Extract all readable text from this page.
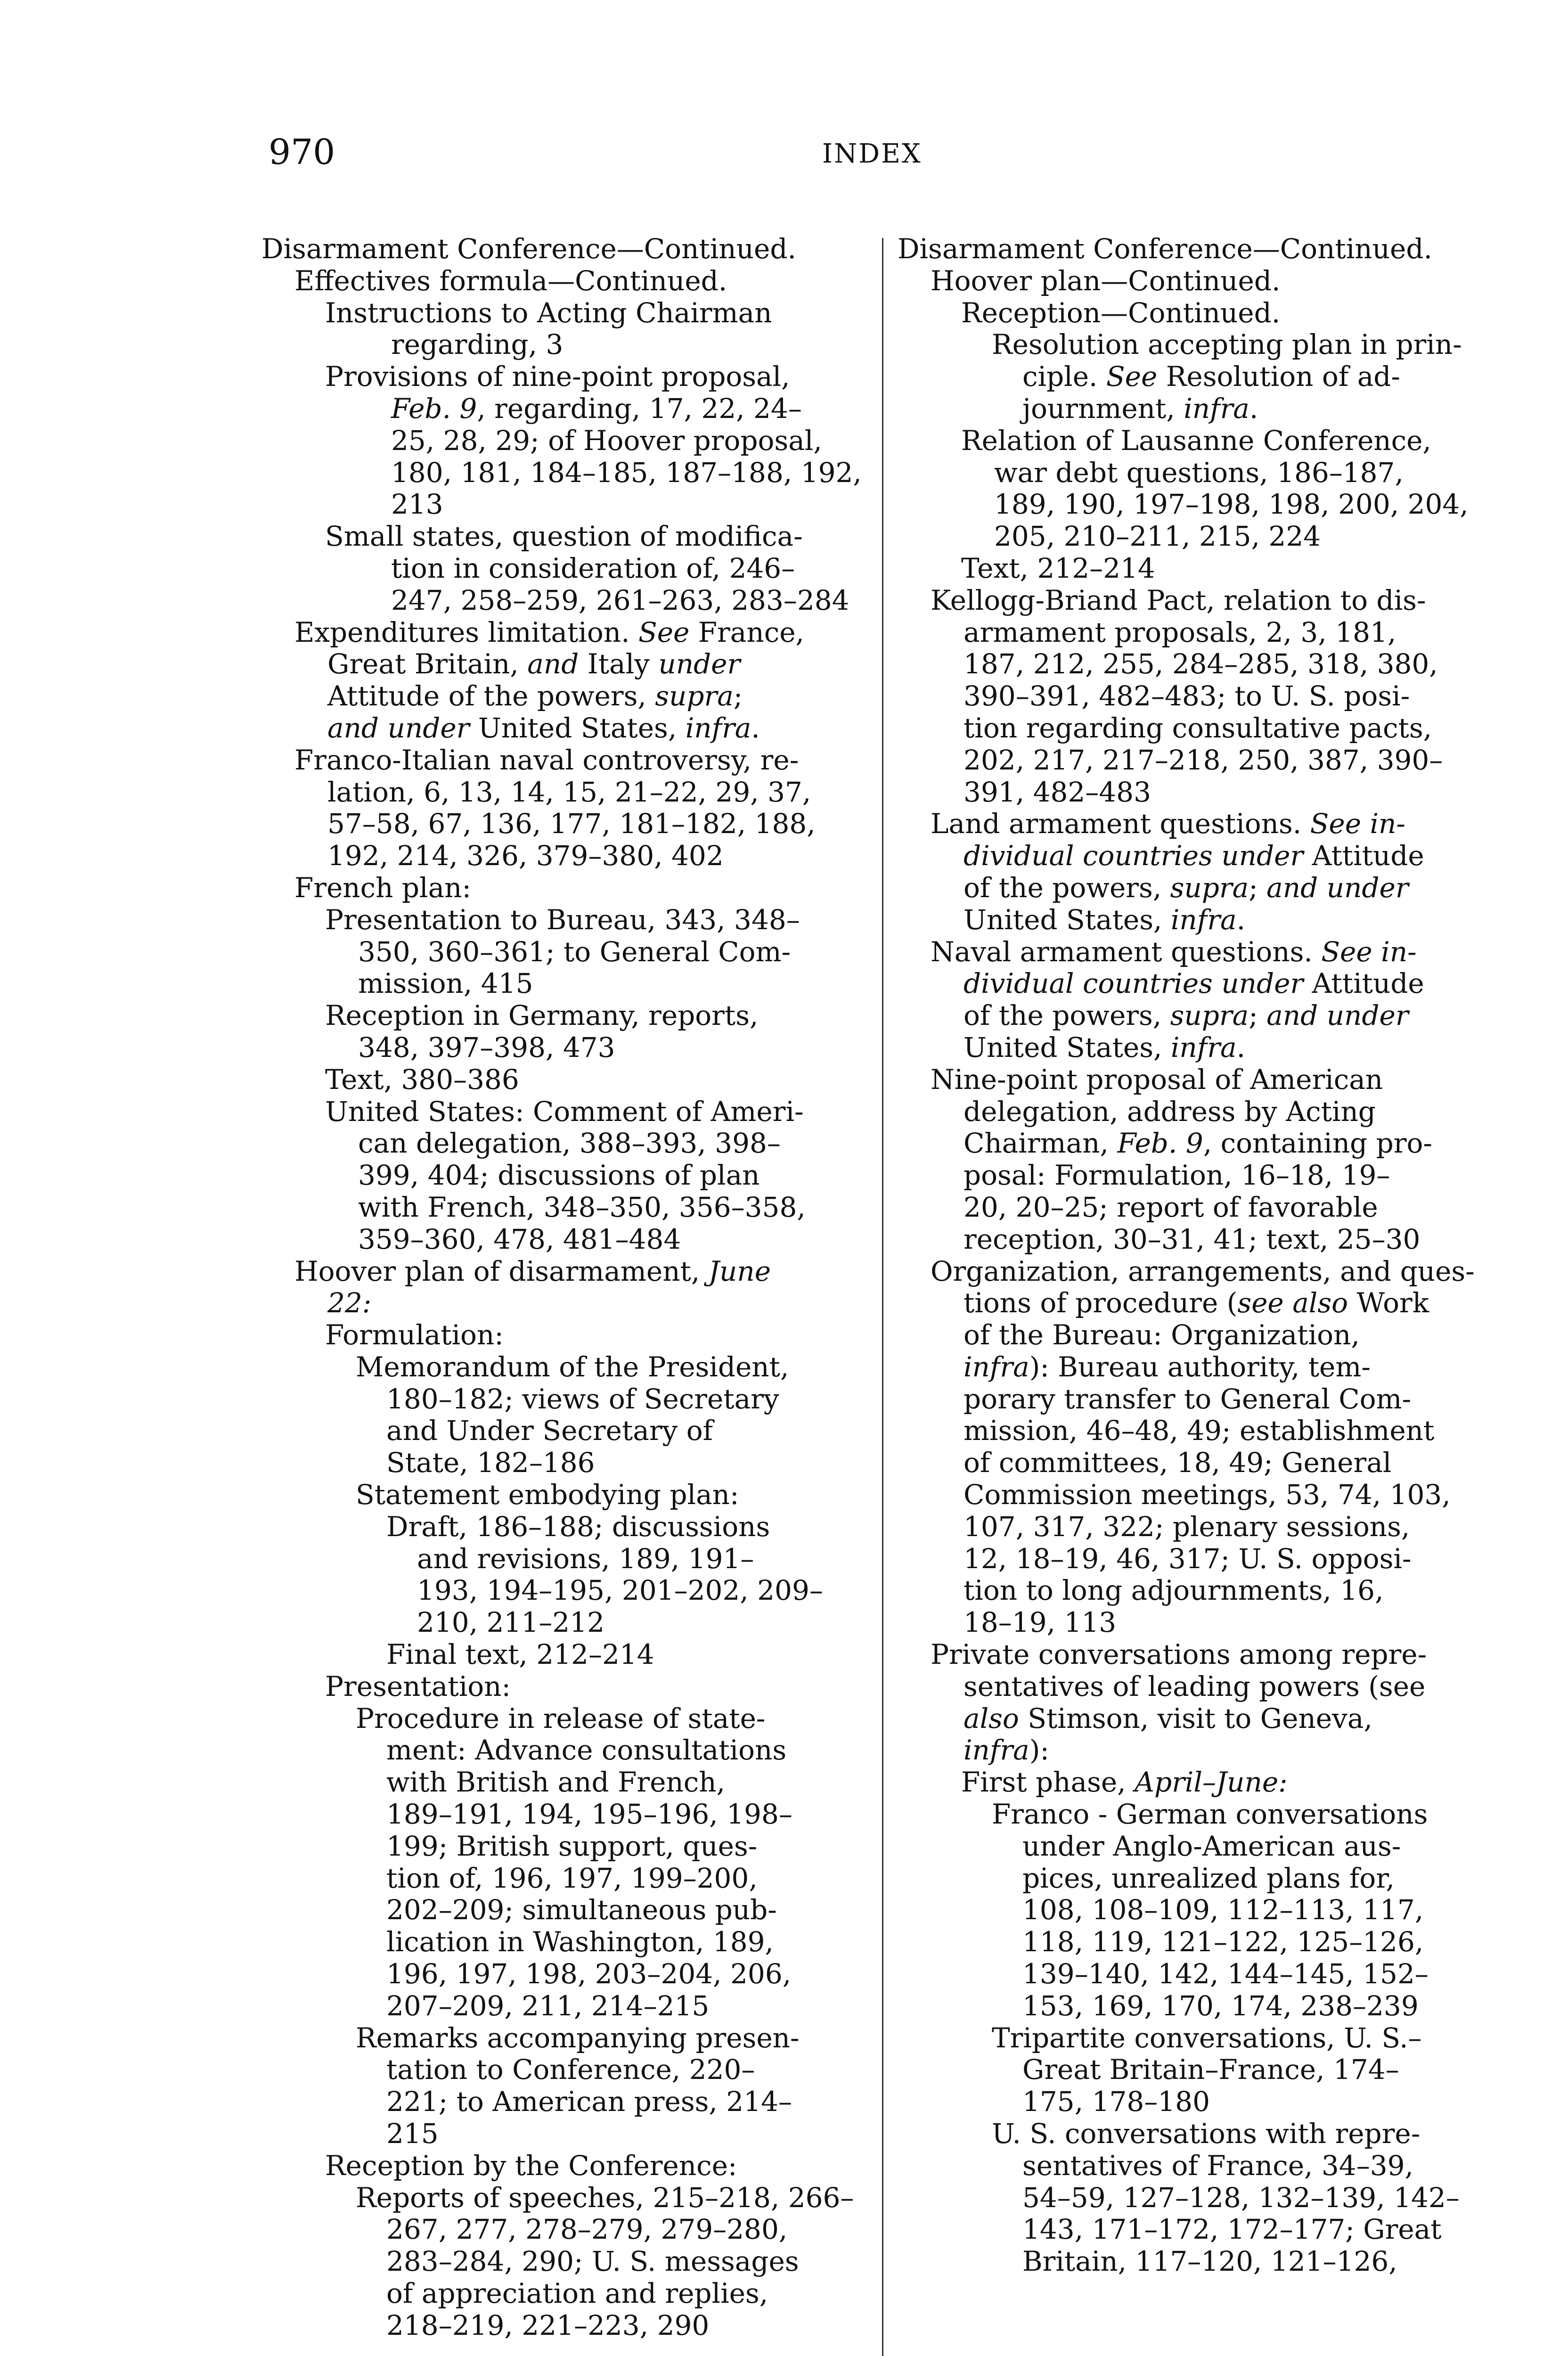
970	INDEX
Disarmament Conference—Continued.
Effectives formula—Continued.
Instructions to Acting Chairman
regarding, 3
Provisions of nine-point proposal,
Feb. 9, regarding, 17, 22, 24–
25, 28, 29; of Hoover proposal,
180, 181, 184–185, 187–188, 192,
213
Small states, question of modifica-
tion in consideration of, 246–
247, 258–259, 261–263, 283–284
Expenditures limitation. See France,
Great Britain, and Italy under
Attitude of the powers, supra;
and under United States, infra.
Franco-Italian naval controversy, re-
lation, 6, 13, 14, 15, 21–22, 29, 37,
57–58, 67, 136, 177, 181–182, 188,
192, 214, 326, 379–380, 402
French plan:
Presentation to Bureau, 343, 348–
350, 360–361; to General Com-
mission, 415
Reception in Germany, reports,
348, 397–398, 473
Text, 380–386
United States: Comment of Ameri-
can delegation, 388–393, 398–
399, 404; discussions of plan
with French, 348–350, 356–358,
359–360, 478, 481–484
Hoover plan of disarmament, June
22:
Formulation:
Memorandum of the President,
180–182; views of Secretary
and Under Secretary of
State, 182–186
Statement embodying plan:
Draft, 186–188; discussions
and revisions, 189, 191–
193, 194–195, 201–202, 209–
210, 211–212
Final text, 212–214
Presentation:
Procedure in release of state-
ment: Advance consultations
with British and French,
189–191, 194, 195–196, 198–
199; British support, ques-
tion of, 196, 197, 199–200,
202–209; simultaneous pub-
lication in Washington, 189,
196, 197, 198, 203–204, 206,
207–209, 211, 214–215
Remarks accompanying presen-
tation to Conference, 220–
221; to American press, 214–
215
Reception by the Conference:
Reports of speeches, 215–218, 266–
267, 277, 278–279, 279–280,
283–284, 290; U. S. messages
of appreciation and replies,
218–219, 221–223, 290
Disarmament Conference—Continued.
Hoover plan—Continued.
Reception—Continued.
Resolution accepting plan in prin-
ciple. See Resolution of ad-
journment, infra.
Relation of Lausanne Conference,
war debt questions, 186–187,
189, 190, 197–198, 198, 200, 204,
205, 210–211, 215, 224
Text, 212–214
Kellogg-Briand Pact, relation to dis-
armament proposals, 2, 3, 181,
187, 212, 255, 284–285, 318, 380,
390–391, 482–483; to U. S. posi-
tion regarding consultative pacts,
202, 217, 217–218, 250, 387, 390–
391, 482–483
Land armament questions. See in-
dividual countries under Attitude
of the powers, supra; and under
United States, infra.
Naval armament questions. See in-
dividual countries under Attitude
of the powers, supra; and under
United States, infra.
Nine-point proposal of American
delegation, address by Acting
Chairman, Feb. 9, containing pro-
posal: Formulation, 16–18, 19–
20, 20–25; report of favorable
reception, 30–31, 41; text, 25–30
Organization, arrangements, and ques-
tions of procedure (see also Work
of the Bureau: Organization,
infra): Bureau authority, tem-
porary transfer to General Com-
mission, 46–48, 49; establishment
of committees, 18, 49; General
Commission meetings, 53, 74, 103,
107, 317, 322; plenary sessions,
12, 18–19, 46, 317; U. S. opposi-
tion to long adjournments, 16,
18–19, 113
Private conversations among repre-
sentatives of leading powers (see
also Stimson, visit to Geneva,
infra):
First phase, April–June:
Franco - German conversations
under Anglo-American aus-
pices, unrealized plans for,
108, 108–109, 112–113, 117,
118, 119, 121–122, 125–126,
139–140, 142, 144–145, 152–
153, 169, 170, 174, 238–239
Tripartite conversations, U. S.–
Great Britain–France, 174–
175, 178–180
U. S. conversations with repre-
sentatives of France, 34–39,
54–59, 127–128, 132–139, 142–
143, 171–172, 172–177; Great
Britain, 117–120, 121–126,
